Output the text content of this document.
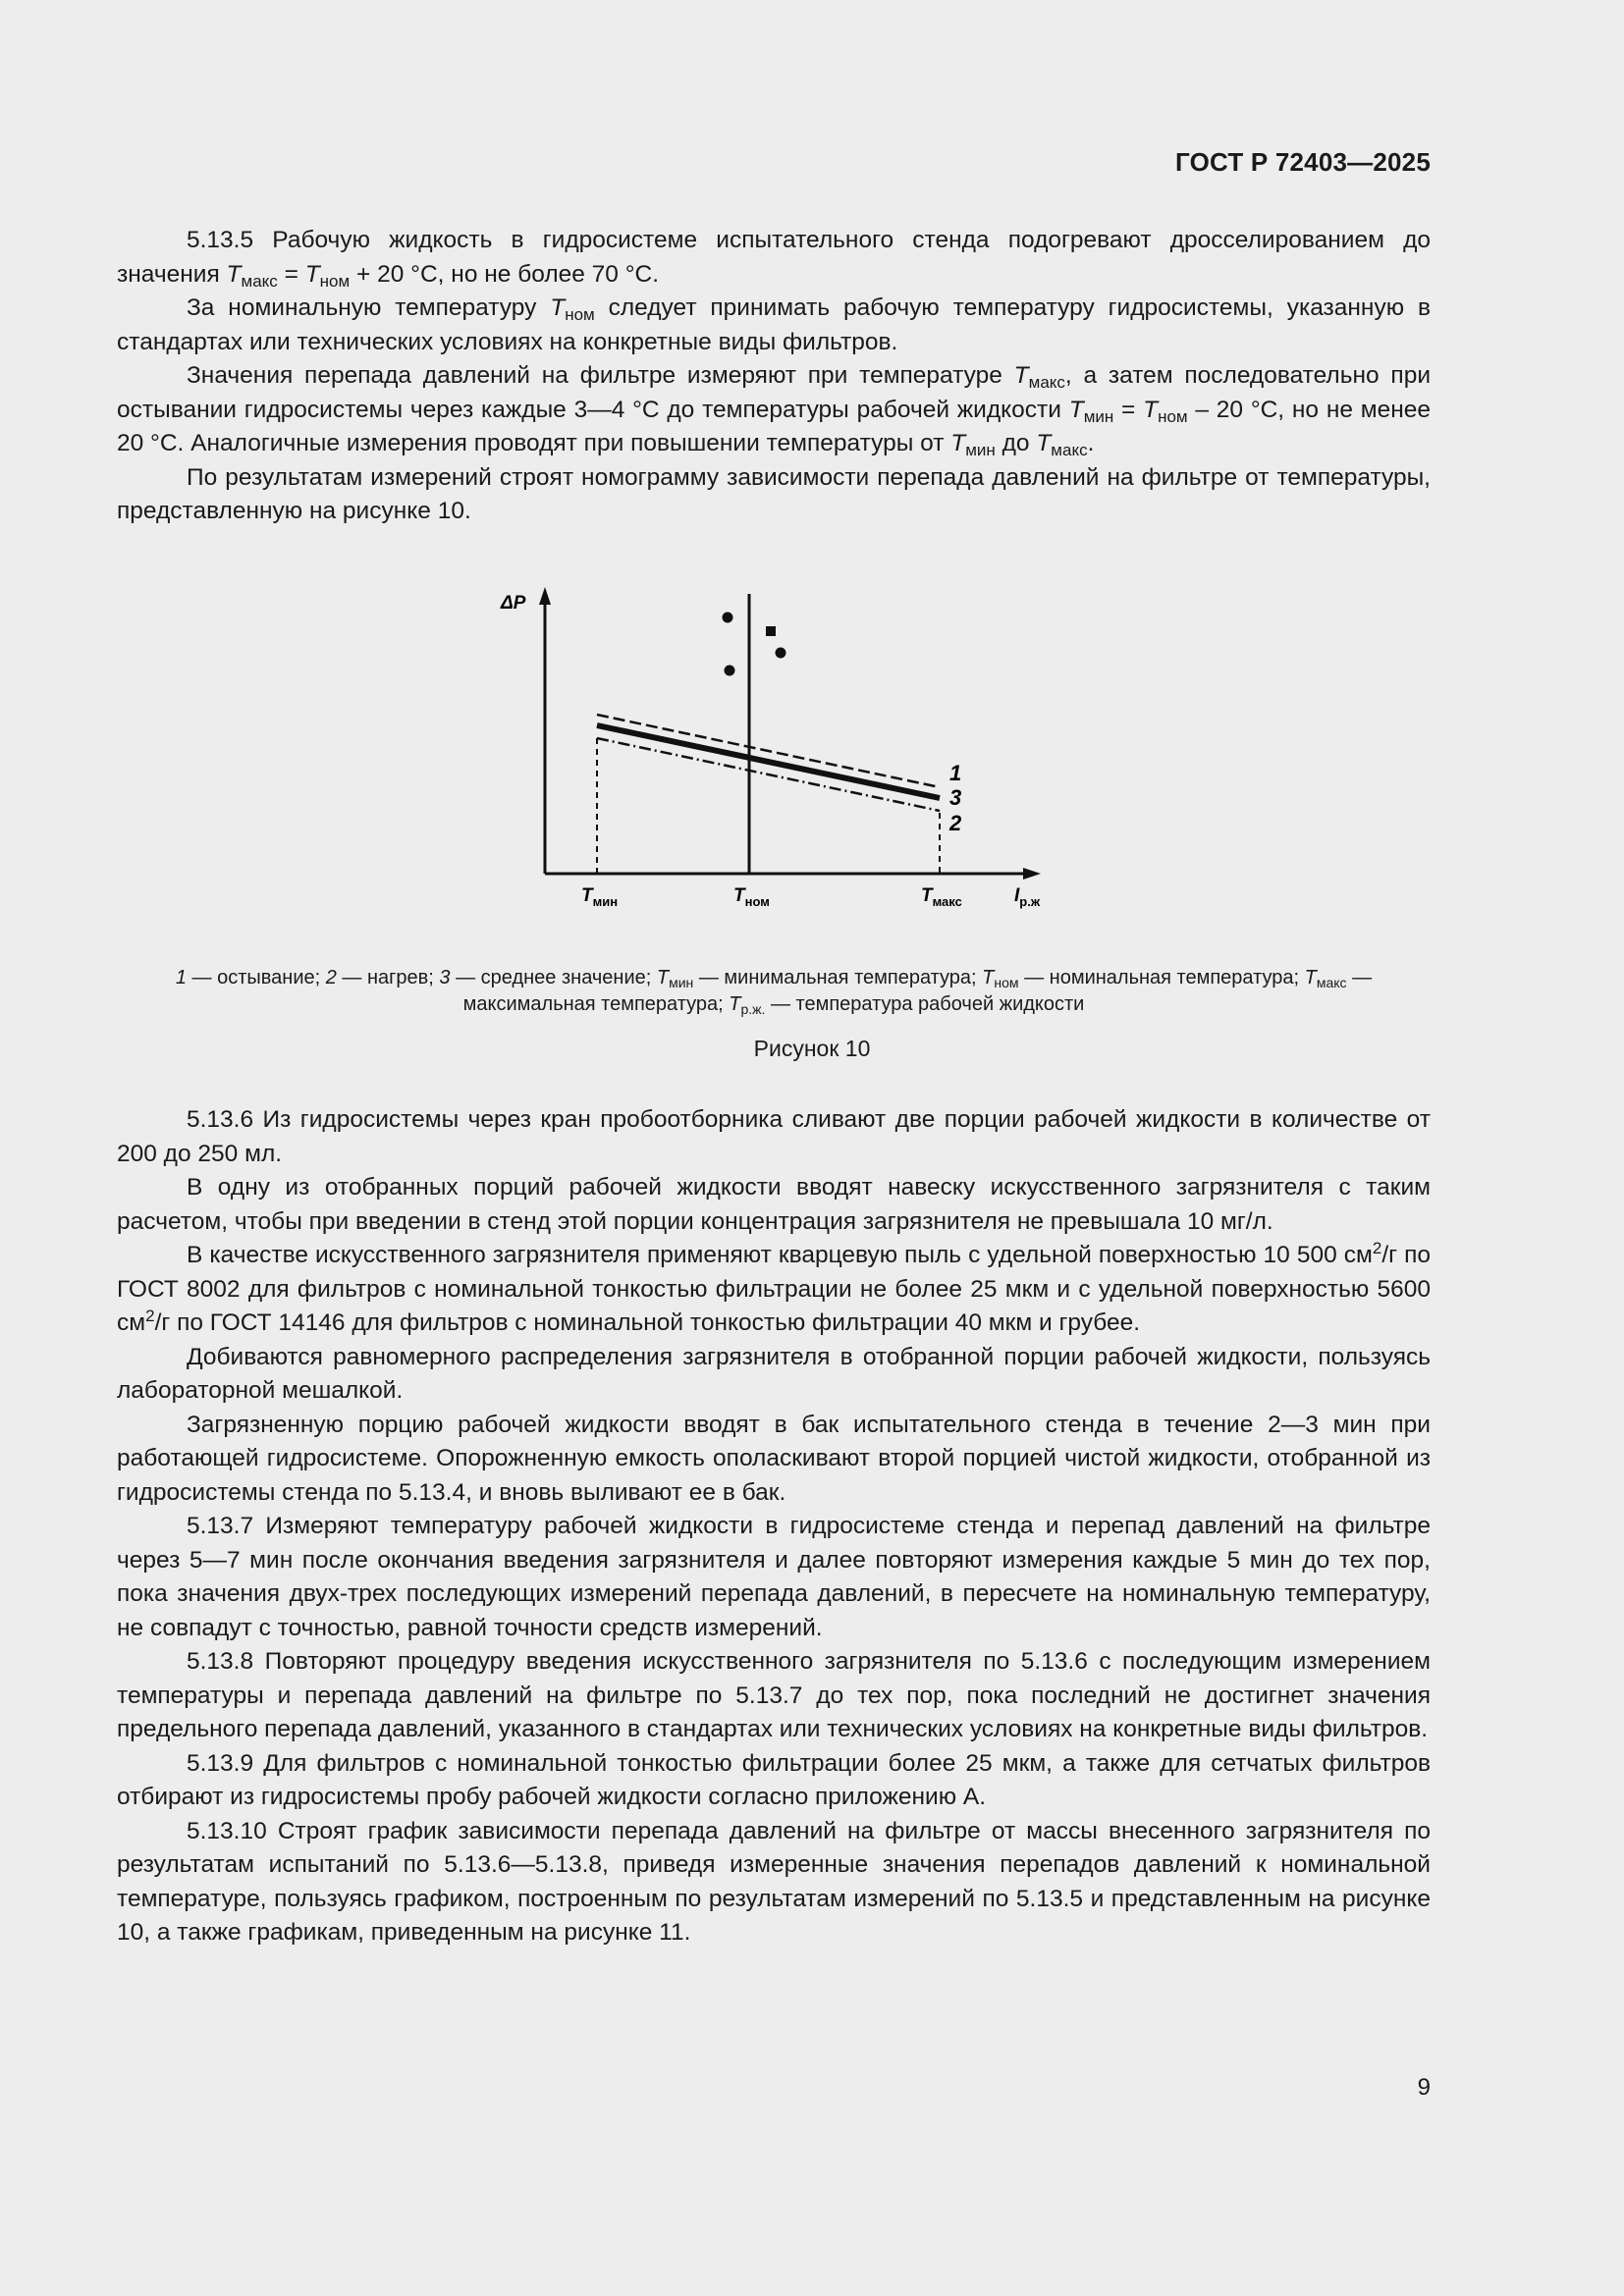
ГОСТ Р 72403—2025

5.13.5 Рабочую жидкость в гидросистеме испытательного стенда подогревают дросселированием до значения $T_{макс} = T_{ном} + 20$ °С, но не более 70 °С.

За номинальную температуру $T_{ном}$ следует принимать рабочую температуру гидросистемы, указанную в стандартах или технических условиях на конкретные виды фильтров.

Значения перепада давлений на фильтре измеряют при температуре $T_{макс}$, а затем последовательно при остывании гидросистемы через каждые 3—4 °С до температуры рабочей жидкости $T_{мин} = T_{ном} - 20$ °С, но не менее 20 °С. Аналогичные измерения проводят при повышении температуры от $T_{мин}$ до $T_{макс}$.

По результатам измерений строят номограмму зависимости перепада давлений на фильтре от температуры, представленную на рисунке 10.

ΔP
1
3
2
$T_{мин}$	$T_{ном}$	$T_{макс}$	$I_{р.ж}$
1 — остывание; 2 — нагрев; 3 — среднее значение; $T_{мин}$ — минимальная температура; $T_{ном}$ — номинальная температура; $T_{макс}$ — максимальная температура; $T_{р.ж.}$ — температура рабочей жидкости
Рисунок 10

5.13.6 Из гидросистемы через кран пробоотборника сливают две порции рабочей жидкости в количестве от 200 до 250 мл.

В одну из отобранных порций рабочей жидкости вводят навеску искусственного загрязнителя с таким расчетом, чтобы при введении в стенд этой порции концентрация загрязнителя не превышала 10 мг/л.

В качестве искусственного загрязнителя применяют кварцевую пыль с удельной поверхностью 10 500 $см^2/г$ по ГОСТ 8002 для фильтров с номинальной тонкостью фильтрации не более 25 мкм и с удельной поверхностью 5600 $см^2/г$ по ГОСТ 14146 для фильтров с номинальной тонкостью фильтрации 40 мкм и грубее.

Добиваются равномерного распределения загрязнителя в отобранной порции рабочей жидкости, пользуясь лабораторной мешалкой.

Загрязненную порцию рабочей жидкости вводят в бак испытательного стенда в течение 2—3 мин при работающей гидросистеме. Опорожненную емкость ополаскивают второй порцией чистой жидкости, отобранной из гидросистемы стенда по 5.13.4, и вновь выливают ее в бак.

5.13.7 Измеряют температуру рабочей жидкости в гидросистеме стенда и перепад давлений на фильтре через 5—7 мин после окончания введения загрязнителя и далее повторяют измерения каждые 5 мин до тех пор, пока значения двух-трех последующих измерений перепада давлений, в пересчете на номинальную температуру, не совпадут с точностью, равной точности средств измерений.

5.13.8 Повторяют процедуру введения искусственного загрязнителя по 5.13.6 с последующим измерением температуры и перепада давлений на фильтре по 5.13.7 до тех пор, пока последний не достигнет значения предельного перепада давлений, указанного в стандартах или технических условиях на конкретные виды фильтров.

5.13.9 Для фильтров с номинальной тонкостью фильтрации более 25 мкм, а также для сетчатых фильтров отбирают из гидросистемы пробу рабочей жидкости согласно приложению А.

5.13.10 Строят график зависимости перепада давлений на фильтре от массы внесенного загрязнителя по результатам испытаний по 5.13.6—5.13.8, приведя измеренные значения перепадов давлений к номинальной температуре, пользуясь графиком, построенным по результатам измерений по 5.13.5 и представленным на рисунке 10, а также графикам, приведенным на рисунке 11.

9
